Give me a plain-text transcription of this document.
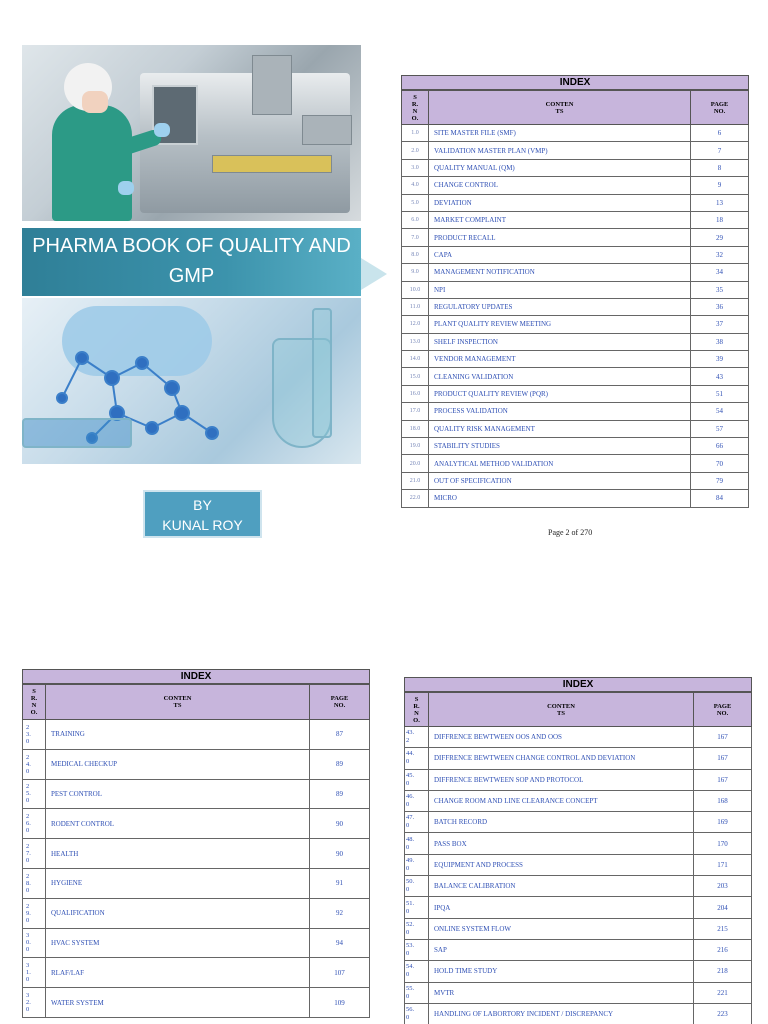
PHARMA BOOK OF QUALITY AND
GMP
BY
KUNAL ROY	Page 2 of 270
INDEX
S
R.
N
O.	CONTEN
TS	PAGE
NO.
1.0	SITE MASTER FILE (SMF)	6
2.0	VALIDATION MASTER PLAN (VMP)	7
3.0	QUALITY MANUAL (QM)	8
4.0	CHANGE CONTROL	9
5.0	DEVIATION	13
6.0	MARKET COMPLAINT	18
7.0	PRODUCT RECALL	29
8.0	CAPA	32
9.0	MANAGEMENT NOTIFICATION	34
10.0	NPI	35
11.0	REGULATORY UPDATES	36
12.0	PLANT QUALITY REVIEW MEETING	37
13.0	SHELF INSPECTION	38
14.0	VENDOR MANAGEMENT	39
15.0	CLEANING VALIDATION	43
16.0	PRODUCT QUALITY REVIEW (PQR)	51
17.0	PROCESS VALIDATION	54
18.0	QUALITY RISK MANAGEMENT	57
19.0	STABILITY STUDIES	66
20.0	ANALYTICAL METHOD VALIDATION	70
21.0	OUT OF SPECIFICATION	79
22.0	MICRO	84
INDEX
S
R.
N
O.	CONTEN
TS	PAGE
NO.
2
3.
0	TRAINING	87
2
4.
0	MEDICAL CHECKUP	89
2
5.
0	PEST CONTROL	89
2
6.
0	RODENT CONTROL	90
2
7.
0	HEALTH	90
2
8.
0	HYGIENE	91
2
9.
0	QUALIFICATION	92
3
0.
0	HVAC SYSTEM	94
3
1.
0	RLAF/LAF	107
3
2.
0	WATER SYSTEM	109
INDEX
S
R.
N
O.	CONTEN
TS	PAGE
NO.
43.
2	DIFFRENCE BEWTWEEN OOS AND OOS	167
44.
0	DIFFRENCE BEWTWEEN CHANGE CONTROL AND DEVIATION	167
45.
0	DIFFRENCE BEWTWEEN SOP AND PROTOCOL	167
46.
0	CHANGE ROOM AND LINE CLEARANCE CONCEPT	168
47.
0	BATCH RECORD	169
48.
0	PASS BOX	170
49.
0	EQUIPMENT AND PROCESS	171
50.
0	BALANCE CALIBRATION	203
51.
0	IPQA	204
52.
0	ONLINE SYSTEM FLOW	215
53.
0	SAP	216
54.
0	HOLD TIME STUDY	218
55.
0	MVTR	221
56.
0	HANDLING OF LABORTORY INCIDENT / DISCREPANCY	223
